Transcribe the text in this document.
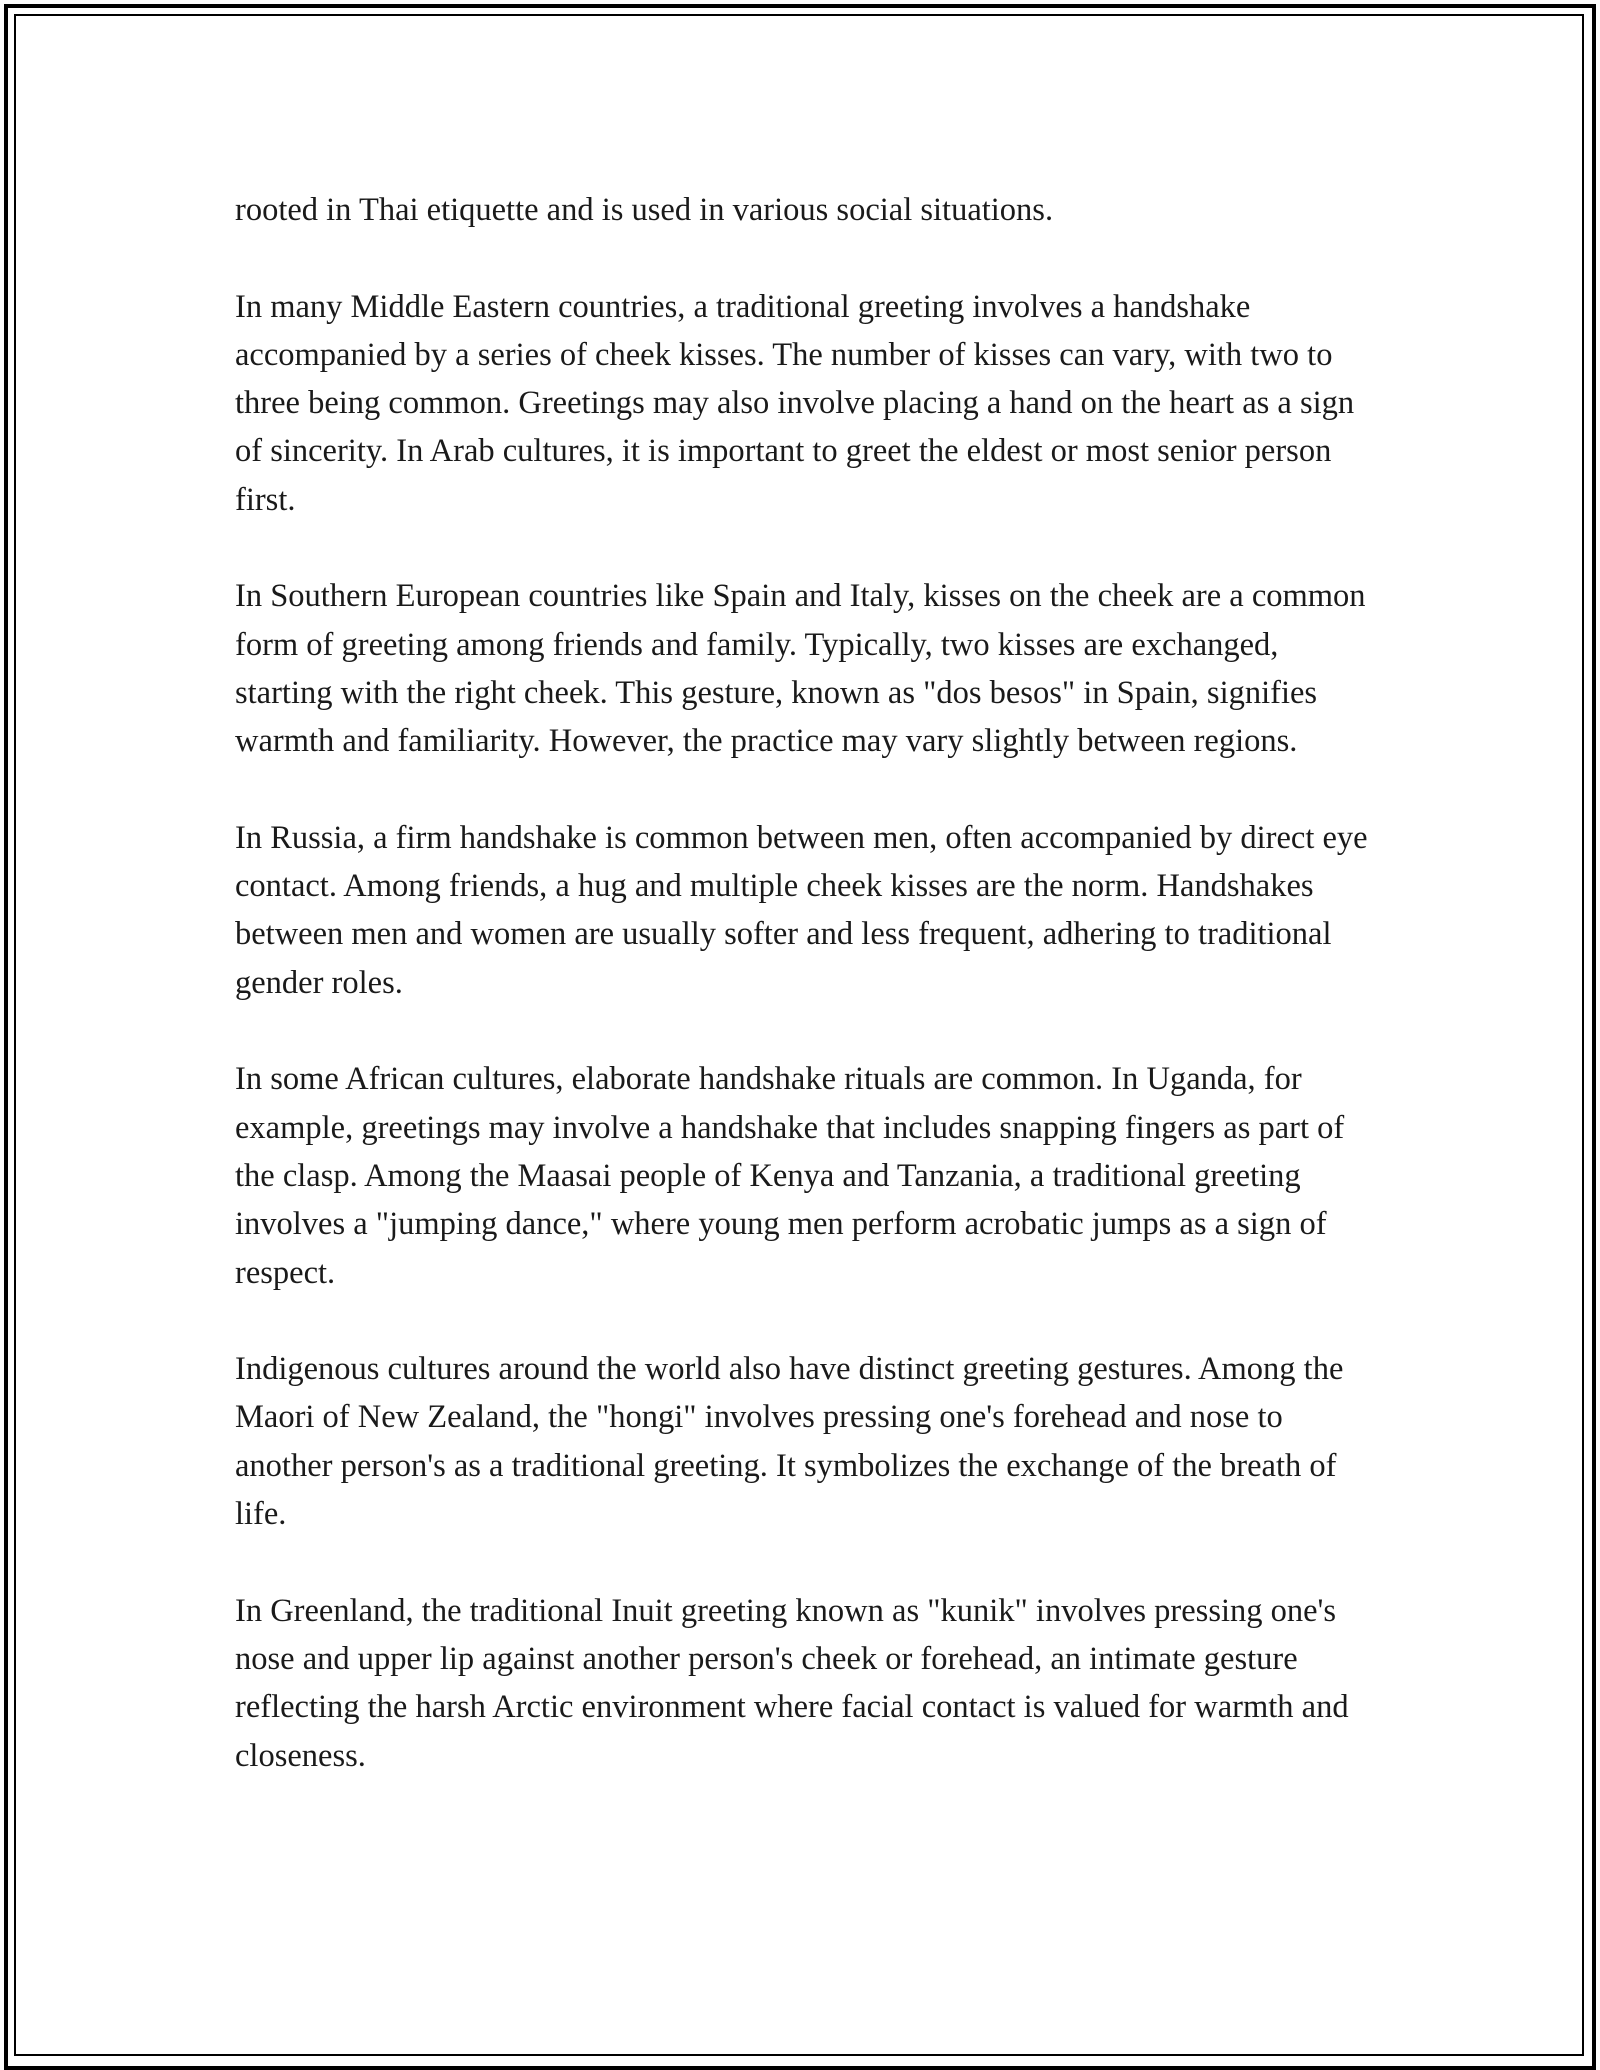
rooted in Thai etiquette and is used in various social situations.

In many Middle Eastern countries, a traditional greeting involves a handshake accompanied by a series of cheek kisses. The number of kisses can vary, with two to three being common. Greetings may also involve placing a hand on the heart as a sign of sincerity. In Arab cultures, it is important to greet the eldest or most senior person first.

In Southern European countries like Spain and Italy, kisses on the cheek are a common form of greeting among friends and family. Typically, two kisses are exchanged, starting with the right cheek. This gesture, known as "dos besos" in Spain, signifies warmth and familiarity. However, the practice may vary slightly between regions.

In Russia, a firm handshake is common between men, often accompanied by direct eye contact. Among friends, a hug and multiple cheek kisses are the norm. Handshakes between men and women are usually softer and less frequent, adhering to traditional gender roles.

In some African cultures, elaborate handshake rituals are common. In Uganda, for example, greetings may involve a handshake that includes snapping fingers as part of the clasp. Among the Maasai people of Kenya and Tanzania, a traditional greeting involves a "jumping dance," where young men perform acrobatic jumps as a sign of respect.

Indigenous cultures around the world also have distinct greeting gestures. Among the Maori of New Zealand, the "hongi" involves pressing one's forehead and nose to another person's as a traditional greeting. It symbolizes the exchange of the breath of life.

In Greenland, the traditional Inuit greeting known as "kunik" involves pressing one's nose and upper lip against another person's cheek or forehead, an intimate gesture reflecting the harsh Arctic environment where facial contact is valued for warmth and closeness.
